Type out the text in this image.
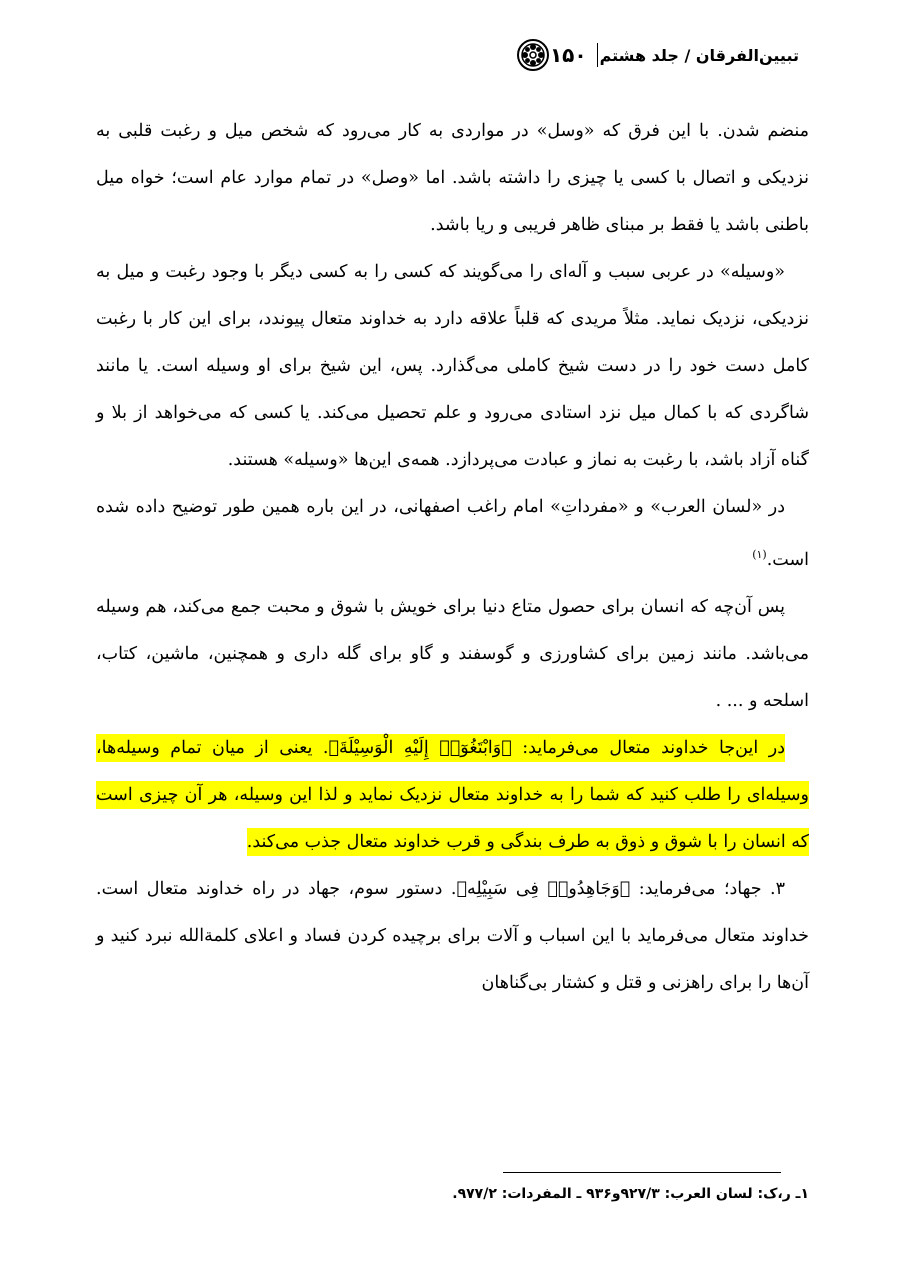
۱۵۰ تبیین‌الفرقان / جلد هشتم

منضم شدن. با این فرق که «وسل» در مواردی به کار می‌رود که شخص میل و رغبت قلبی به نزدیکی و اتصال با کسی یا چیزی را داشته باشد. اما «وصل» در تمام موارد عام است؛ خواه میل باطنی باشد یا فقط بر مبنای ظاهر فریبی و ریا باشد.

«وسیله» در عربی سبب و آله‌ای را می‌گویند که کسی را به کسی دیگر با وجود رغبت و میل به نزدیکی، نزدیک نماید. مثلاً مریدی که قلباً علاقه دارد به خداوند متعال پیوندد، برای این کار با رغبت کامل دست خود را در دست شیخ کاملی می‌گذارد. پس، این شیخ برای او وسیله است. یا مانند شاگردی که با کمال میل نزد استادی می‌رود و علم تحصیل می‌کند. یا کسی که می‌خواهد از بلا و گناه آزاد باشد، با رغبت به نماز و عبادت می‌پردازد. همه‌ی این‌ها «وسیله» هستند.

در «لسان العرب» و «مفرداتِ» امام راغب اصفهانی، در این باره همین طور توضیح داده شده است.$^{(۱)}$

پس آن‌چه که انسان برای حصول متاع دنیا برای خویش با شوق و محبت جمع می‌کند، هم وسیله می‌باشد. مانند زمین برای کشاورزی و گوسفند و گاو برای گله داری و همچنین، ماشین، کتاب، اسلحه و ... .

در این‌جا خداوند متعال می‌فرماید: ﴿وَابْتَغُوٓا۟ إِلَيْهِ الْوَسِيْلَةَ﴾. یعنی از میان تمام وسیله‌ها، وسیله‌ای را طلب کنید که شما را به خداوند متعال نزدیک نماید و لذا این وسیله، هر آن چیزی است که انسان را با شوق و ذوق به طرف بندگی و قرب خداوند متعال جذب می‌کند.

۳. جهاد؛ می‌فرماید: ﴿وَجَاهِدُوا۟ فِى سَبِيْلِه﴾. دستور سوم، جهاد در راه خداوند متعال است. خداوند متعال می‌فرماید با این اسباب و آلات برای برچیده کردن فساد و اعلای کلمةالله نبرد کنید و آن‌ها را برای راهزنی و قتل و کشتار بی‌گناهان

۱ـ ر،ک: لسان العرب: ۹۲۷/۳و۹۳۶ ـ المفردات: ۹۷۷/۲.
